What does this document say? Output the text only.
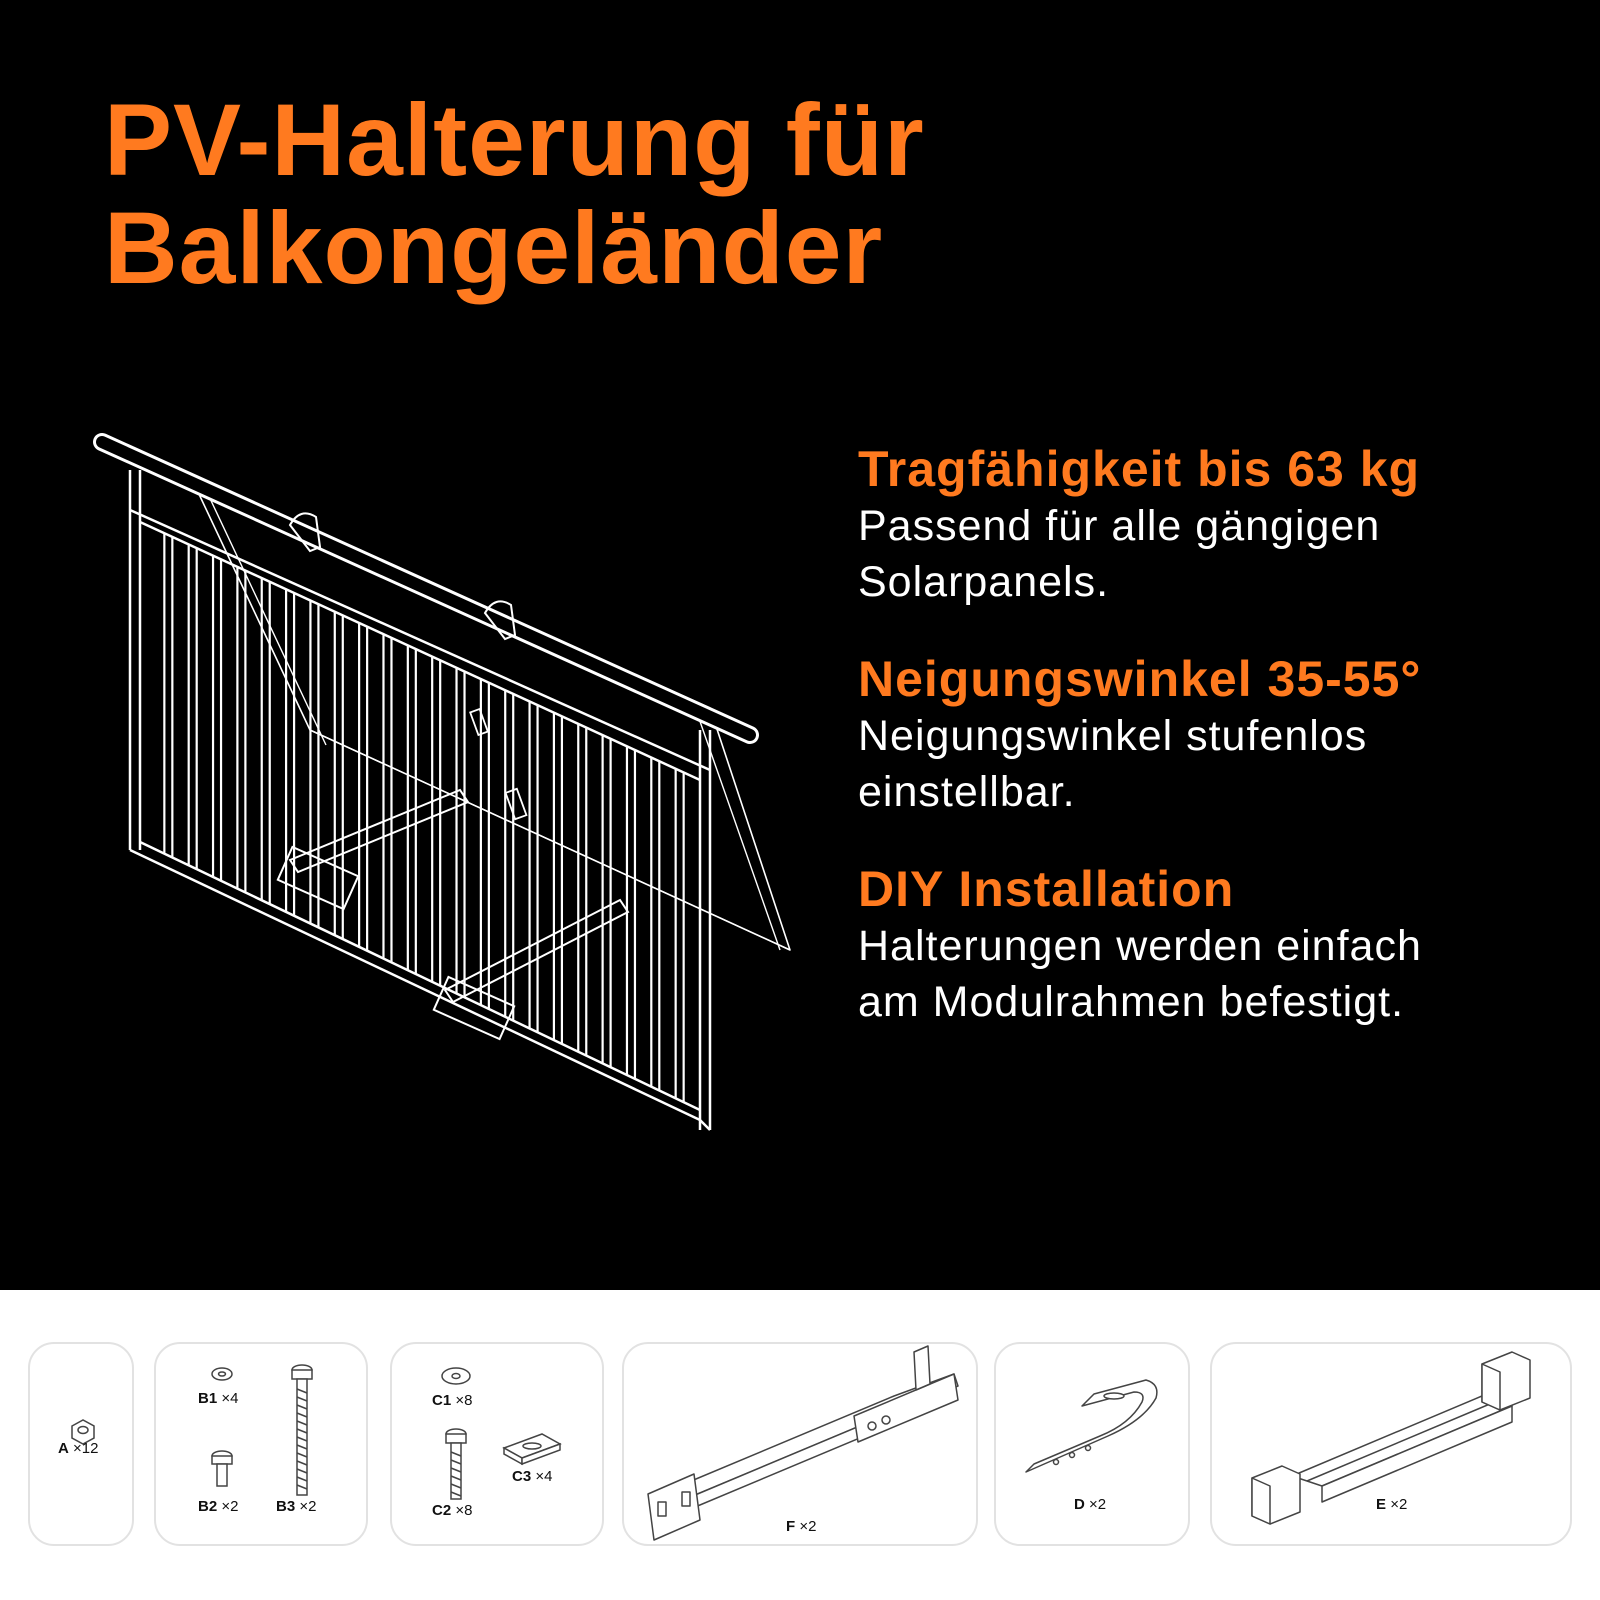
PV-Halterung für
Balkongeländer

Tragfähigkeit bis 63 kg

Passend für alle gängigen

Solarpanels.

Neigungswinkel 35-55°

Neigungswinkel stufenlos

einstellbar.

DIY Installation

Halterungen werden einfach

am Modulrahmen befestigt.

A ×12
B1 ×4
B2 ×2	B3 ×2
C1 ×8
C2 ×8
C3 ×4
F ×2
D ×2	E ×2
